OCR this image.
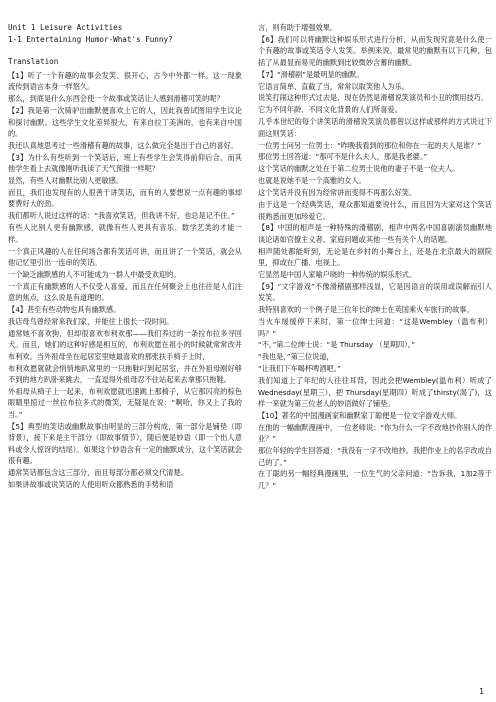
Unit 1 Leisure Activities

1-1 Entertaining Humor-What's Funny?

Translation

【1】听了一个有趣的故事会发笑、很开心，古今中外都一样。这一现象流传到语言本身一样悠久。

那么，到底是什么东西会使一个故事或笑话让人感到滑稽可笑的呢？

【2】我是第一次骑驴出幽默便喜欢上它的人，因此我曾试图用学生议论和探讨幽默。这些学生文化差异很大，有来自拉丁美洲的，也有来自中国的。

我还认真地思考过一些滑稽有趣的故事，这么做完全是出于自己的喜好。

【3】为什么有些听到一个笑话后，班上有些学生会笑得前仰后合，而其他学生看上去就像刚听我读了天气预报一样呢？

显然，有些人对幽默比别人更敏感。

而且，我们也发现有的人很善于讲笑话，而有的人要想说一点有趣的事却要费好大的劲。

我们都听人说过这样的话：“我喜欢笑话，但我讲不好，也总是记不住。”

有些人比别人更有幽默感，就像有些人更具有音乐、数学艺类的才能一样。

一个真正风趣的人在任何场合都有笑话可讲，而且讲了一个笑话，就会从他记忆里引出一连串的笑话。

一个缺乏幽默感的人不可能成为一群人中最受欢迎的。

一个真正有幽默感的人不仅受人喜爱，而且在任何聚会上也往往是人们注意的焦点，这么说是有道理的。

【4】甚至有些动物也具有幽默感。

我店母鸟曾经常来我们家，并能住上很长一段时间。

通常她不喜欢狗，但却很喜欢布利欢那——我们养过的一条拉布拉多寻回犬。而且，她们的这种好感是相互的，布利欢愿在祖小的时候就常常改并布利欢。当外祖母坐在起居室里她最喜欢的那张扶手椅子上时，

布利欢愿就就会悄悄地趴窝里的一只拖鞋叼到起居室，并在外祖母刚好够不到的地方趴卧来跳去，一直逗得外祖母忍不住站起来去拿那只拖鞋。

外祖母从椅子上一起来，布利欢愿就迅速跳上那椅子，从它那闪亮的棕色眼睛里掠过一丝拉布拉多式的微笑，无疑是在说：“啊哈，你又上了我的当。”

【5】典型的笑话或幽默故事由明显的三部分构成，第一部分是铺垫（即背景），接下来是主干部分（即故事情节），随后便是妙语（即一个出人意料或令人惊讶的结尾）。如果这个妙语含有一定的幽默成分，这个笑话就会很有趣。

通常笑话都包含这三部分，而且每部分都必须交代清楚。

如果讲故事或说笑话的人使用听众都熟悉的手势和语

言，则有助于增强效果。

【6】我们可以将幽默这种娱乐形式进行分析，从而发现究竟是什么使一个有趣的故事或笑话令人发笑。举例来说，最常见的幽默有以下几种，包括了从最显而易见的幽默到比较微妙含蓄的幽默。

【7】“滑稽剧”是最明显的幽默。

它语言简单、直截了当，常常以取笑他人为乐。

说笑打闹这种形式过去是、现在仍然是滑稽说笑演员和小丑的惯用技巧。

它为不同年龄、不同文化背景的人们所喜爱。

几乎本世纪的每个讲笑话的滑稽说笑演员都曾以这样或那样的方式说过下面这则笑话：

一位男士问另一位男士：“昨晚我看到的那位和你在一起的夫人是谁？”

那位男士回答道：“那可不是什么夫人，那是我老婆。”

这个笑话的幽默之处在于第二位男士说他的妻子不是一位夫人。

也就是说她不是一个高雅的女人。

这个笑话并没有因为经常讲而变得不再那么好笑。

由于这是一个经典笑话，观众都知道要说什么，而且因为大家对这个笑话很熟悉而更加珍爱它。

【8】中国的相声是一种特殊的滑稽剧，相声中两名中国喜剧演员幽默地谈论诸如官僚主义者、家庭问题或其他一些有关个人的话题。

相声随处都能听到，无论是在乡村的小舞台上，还是在北京最大的剧院里，抑或在广播、电视上。

它显然是中国人家喻户晓的一种传统的娱乐形式。

【9】“文字游戏”不像滑稽剧那样浅显，它是因语言的误用或误解而引人发笑。

我特别喜欢的一个例子是三位年长的绅士在英国乘火车旅行的故事。

当火车缓缓停下来时，第一位绅士问道：“这是Wembley（温布利）吗？”

“不，”第二位绅士说：“是 Thursday （星期四）。”

“我也是，”第三位说道，

“让我们下车喝杯啤酒吧。”

我们知道上了年纪的人往往耳背，因此会把Wembley(温布利）听成了Wednesday(星期三），把 Thursday(星期四）听成了thirsty(渴了)，这样一来就为第三位老人的妙语做好了铺垫。

【10】著名的中国漫画家和幽默家丁聪便是一位文字游戏大师。

在他的一幅幽默漫画中，一位老师说：“你为什么一字不改地抄你别人的作业？”

那位年轻的学生回答道：“我没有一字不改地抄。我把作业上的名字改成自己的了。”

在丁聪的另一幅经典漫画里，一位生气的父亲问道：“告诉我，1加2等于几？”

1
